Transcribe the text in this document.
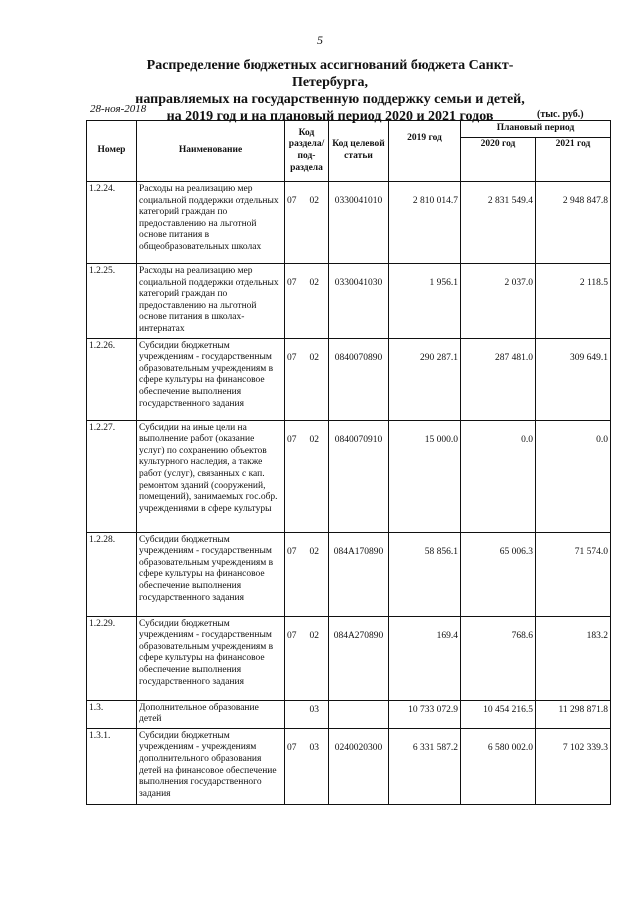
5
Распределение бюджетных ассигнований бюджета Санкт-Петербурга,
направляемых на государственную поддержку семьи и детей,
на 2019 год и на плановый период 2020 и 2021 годов
28-ноя-2018	(тыс. руб.)
Номер	Наименование	Код раздела/ под-раздела	Код целевой статьи	2019 год	Плановый период	
					2020 год	2021 год
1.2.24.	Расходы на реализацию мер социальной поддержки отдельных категорий граждан по предоставлению на льготной основе питания в общеобразовательных школах	07 02	0330041010	2 810 014.7	2 831 549.4	2 948 847.8
1.2.25.	Расходы на реализацию мер социальной поддержки отдельных категорий граждан по предоставлению на льготной основе питания в школах-интернатах	07 02	0330041030	1 956.1	2 037.0	2 118.5
1.2.26.	Субсидии бюджетным учреждениям - государственным образовательным учреждениям в сфере культуры на финансовое обеспечение выполнения государственного задания	07 02	0840070890	290 287.1	287 481.0	309 649.1
1.2.27.	Субсидии на иные цели на выполнение работ (оказание услуг) по сохранению объектов культурного наследия, а также работ (услуг), связанных с кап. ремонтом зданий (сооружений, помещений), занимаемых гос.обр. учреждениями в сфере культуры	07 02	0840070910	15 000.0	0.0	0.0
1.2.28.	Субсидии бюджетным учреждениям - государственным образовательным учреждениям в сфере культуры на финансовое обеспечение выполнения государственного задания	07 02	084А170890	58 856.1	65 006.3	71 574.0
1.2.29.	Субсидии бюджетным учреждениям - государственным образовательным учреждениям в сфере культуры на финансовое обеспечение выполнения государственного задания	07 02	084А270890	169.4	768.6	183.2
1.3.	Дополнительное образование детей	03		10 733 072.9	10 454 216.5	11 298 871.8
1.3.1.	Субсидии бюджетным учреждениям - учреждениям дополнительного образования детей на финансовое обеспечение выполнения государственного задания	07 03	0240020300	6 331 587.2	6 580 002.0	7 102 339.3
